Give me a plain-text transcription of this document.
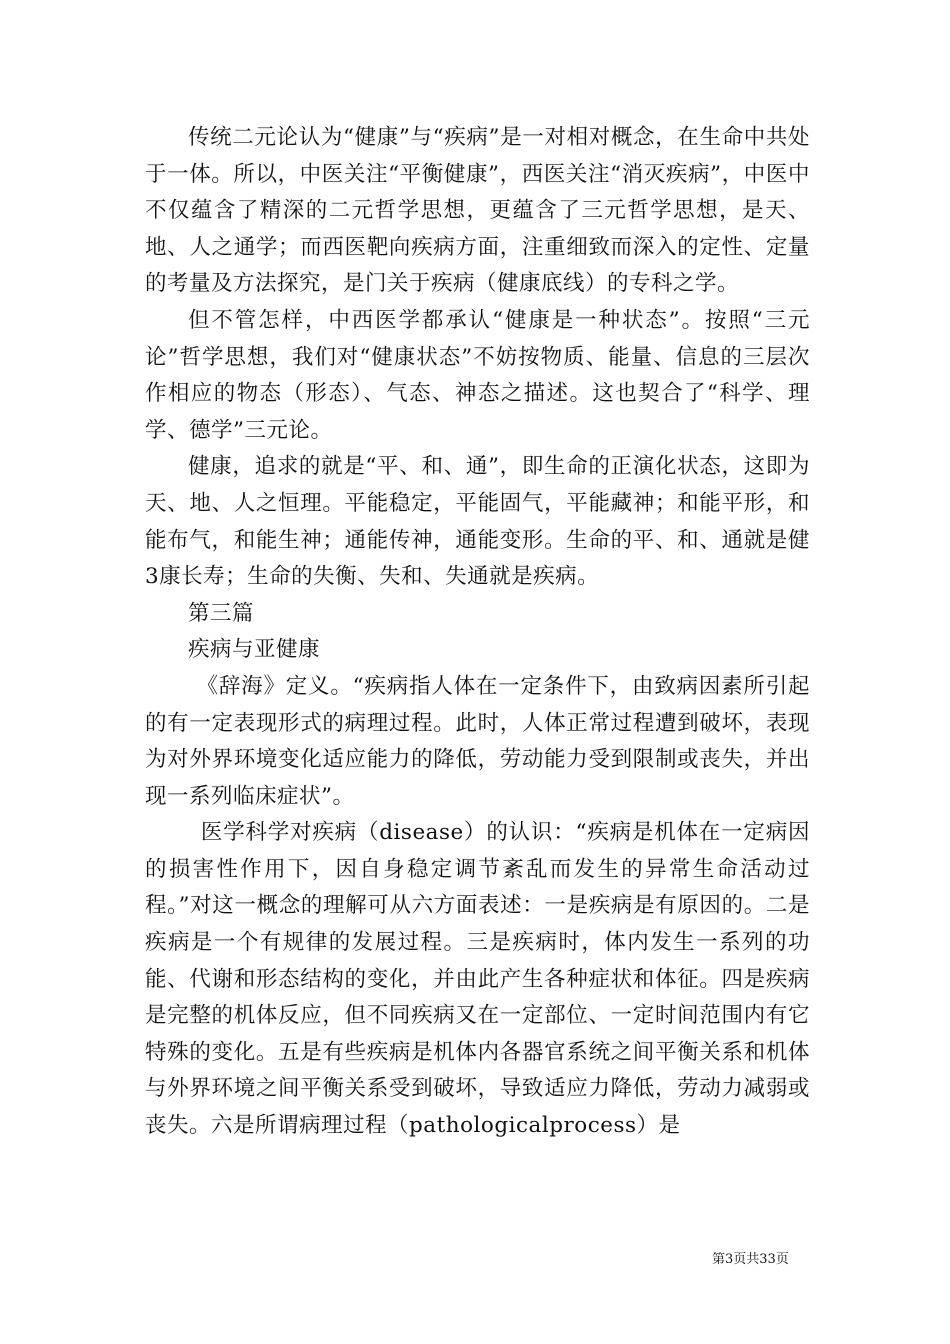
传统二元论认为“健康”与“疾病”是一对相对概念，在生命中共处于一体。所以，中医关注“平衡健康”，西医关注“消灭疾病”，中医中不仅蕴含了精深的二元哲学思想，更蕴含了三元哲学思想，是天、地、人之通学；而西医靶向疾病方面，注重细致而深入的定性、定量的考量及方法探究，是门关于疾病（健康底线）的专科之学。

但不管怎样，中西医学都承认“健康是一种状态”。按照“三元论”哲学思想，我们对“健康状态”不妨按物质、能量、信息的三层次作相应的物态（形态）、气态、神态之描述。这也契合了“科学、理学、德学”三元论。

健康，追求的就是“平、和、通”，即生命的正演化状态，这即为天、地、人之恒理。平能稳定，平能固气，平能藏神；和能平形，和能布气，和能生神；通能传神，通能变形。生命的平、和、通就是健3康长寿；生命的失衡、失和、失通就是疾病。

第三篇

疾病与亚健康

《辞海》定义。“疾病指人体在一定条件下，由致病因素所引起的有一定表现形式的病理过程。此时，人体正常过程遭到破坏，表现为对外界环境变化适应能力的降低，劳动能力受到限制或丧失，并出现一系列临床症状”。

医学科学对疾病（disease）的认识：“疾病是机体在一定病因的损害性作用下，因自身稳定调节紊乱而发生的异常生命活动过程。”对这一概念的理解可从六方面表述：一是疾病是有原因的。二是疾病是一个有规律的发展过程。三是疾病时，体内发生一系列的功能、代谢和形态结构的变化，并由此产生各种症状和体征。四是疾病是完整的机体反应，但不同疾病又在一定部位、一定时间范围内有它特殊的变化。五是有些疾病是机体内各器官系统之间平衡关系和机体与外界环境之间平衡关系受到破坏，导致适应力降低，劳动力减弱或丧失。六是所谓病理过程（pathologicalprocess）是

第3页共33页
